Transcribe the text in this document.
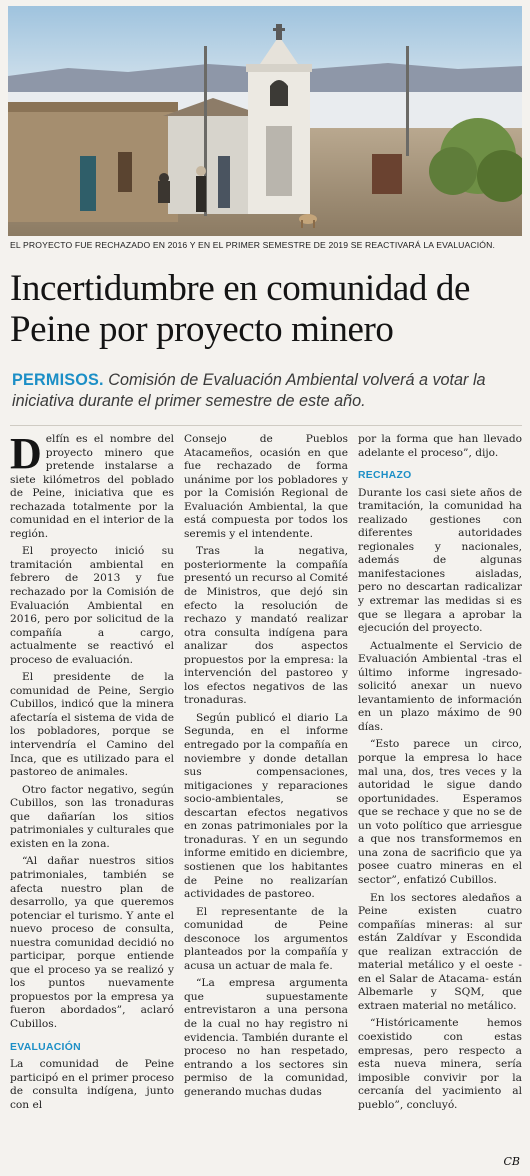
EL PROYECTO FUE RECHAZADO EN 2016 Y EN EL PRIMER SEMESTRE DE 2019 SE REACTIVARÁ LA EVALUACIÓN.
Incertidumbre en comunidad de Peine por proyecto minero

PERMISOS. Comisión de Evaluación Ambiental volverá a votar la iniciativa durante el primer semestre de este año.

Delfín es el nombre del proyecto minero que pretende instalarse a siete kilómetros del poblado de Peine, iniciativa que es rechazada totalmente por la comunidad en el interior de la región.

El proyecto inició su tramitación ambiental en febrero de 2013 y fue rechazado por la Comisión de Evaluación Ambiental en 2016, pero por solicitud de la compañía a cargo, actualmente se reactivó el proceso de evaluación.

El presidente de la comunidad de Peine, Sergio Cubillos, indicó que la minera afectaría el sistema de vida de los pobladores, porque se intervendría el Camino del Inca, que es utilizado para el pastoreo de animales.

Otro factor negativo, según Cubillos, son las tronaduras que dañarían los sitios patrimoniales y culturales que existen en la zona.

“Al dañar nuestros sitios patrimoniales, también se afecta nuestro plan de desarrollo, ya que queremos potenciar el turismo. Y ante el nuevo proceso de consulta, nuestra comunidad decidió no participar, porque entiende que el proceso ya se realizó y los puntos nuevamente propuestos por la empresa ya fueron abordados”, aclaró Cubillos.

EVALUACIÓN

La comunidad de Peine participó en el primer proceso de consulta indígena, junto con el

Consejo de Pueblos Atacameños, ocasión en que fue rechazado de forma unánime por los pobladores y por la Comisión Regional de Evaluación Ambiental, la que está compuesta por todos los seremis y el intendente.

Tras la negativa, posteriormente la compañía presentó un recurso al Comité de Ministros, que dejó sin efecto la resolución de rechazo y mandató realizar otra consulta indígena para analizar dos aspectos propuestos por la empresa: la intervención del pastoreo y los efectos negativos de las tronaduras.

Según publicó el diario La Segunda, en el informe entregado por la compañía en noviembre y donde detallan sus compensaciones, mitigaciones y reparaciones socio-ambientales, se descartan efectos negativos en zonas patrimoniales por la tronaduras. Y en un segundo informe emitido en diciembre, sostienen que los habitantes de Peine no realizarían actividades de pastoreo.

El representante de la comunidad de Peine desconoce los argumentos planteados por la compañía y acusa un actuar de mala fe.

“La empresa argumenta que supuestamente entrevistaron a una persona de la cual no hay registro ni evidencia. También durante el proceso no han respetado, entrando a los sectores sin permiso de la comunidad, generando muchas dudas

por la forma que han llevado adelante el proceso”, dijo.

RECHAZO

Durante los casi siete años de tramitación, la comunidad ha realizado gestiones con diferentes autoridades regionales y nacionales, además de algunas manifestaciones aisladas, pero no descartan radicalizar y extremar las medidas si es que se llegara a aprobar la ejecución del proyecto.

Actualmente el Servicio de Evaluación Ambiental -tras el último informe ingresado- solicitó anexar un nuevo levantamiento de información en un plazo máximo de 90 días.

“Esto parece un circo, porque la empresa lo hace mal una, dos, tres veces y la autoridad le sigue dando oportunidades. Esperamos que se rechace y que no se de un voto político que arriesgue a que nos transformemos en una zona de sacrificio que ya posee cuatro mineras en el sector”, enfatizó Cubillos.

En los sectores aledaños a Peine existen cuatro compañías mineras: al sur están Zaldívar y Escondida que realizan extracción de material metálico y el oeste -en el Salar de Atacama- están Albemarle y SQM, que extraen material no metálico.

“Históricamente hemos coexistido con estas empresas, pero respecto a esta nueva minera, sería imposible convivir por la cercanía del yacimiento al pueblo”, concluyó.

CB
